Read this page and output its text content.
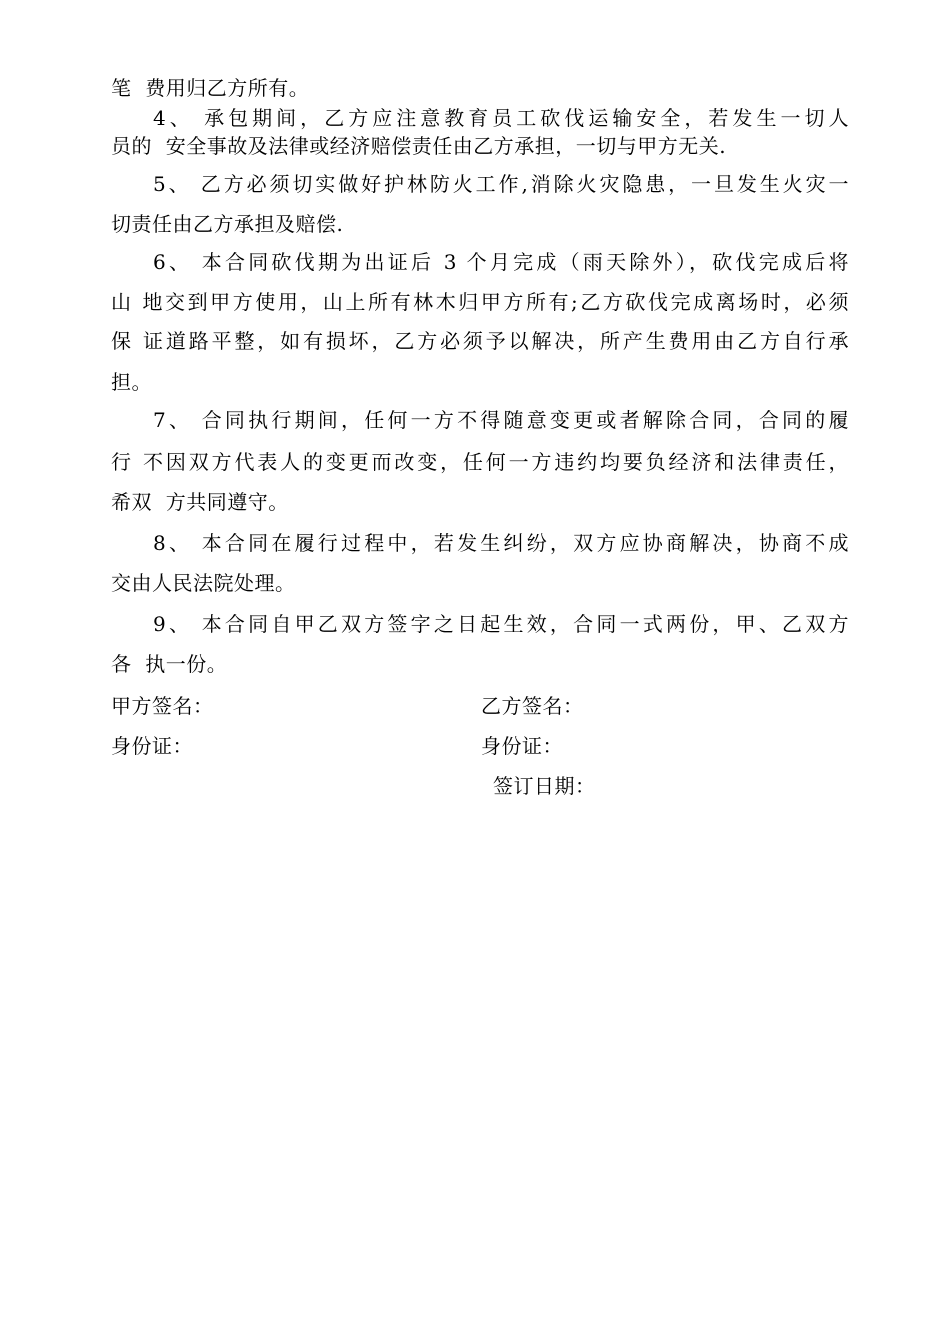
笔  费用归乙方所有。
4、 承包期间，乙方应注意教育员工砍伐运输安全，若发生一切人
员的  安全事故及法律或经济赔偿责任由乙方承担，一切与甲方无关.
5、 乙方必须切实做好护林防火工作,消除火灾隐患，一旦发生火灾一
切责任由乙方承担及赔偿.
6、 本合同砍伐期为出证后 3 个月完成（雨天除外），砍伐完成后将
山 地交到甲方使用，山上所有林木归甲方所有;乙方砍伐完成离场时，必须
保 证道路平整，如有损坏，乙方必须予以解决，所产生费用由乙方自行承
担。
7、 合同执行期间，任何一方不得随意变更或者解除合同，合同的履
行 不因双方代表人的变更而改变，任何一方违约均要负经济和法律责任，
希双  方共同遵守。
8、 本合同在履行过程中，若发生纠纷，双方应协商解决，协商不成
交由人民法院处理。
9、 本合同自甲乙双方签字之日起生效，合同一式两份，甲、乙双方
各  执一份。
甲方签名：	乙方签名：
身份证：	身份证：
签订日期：
